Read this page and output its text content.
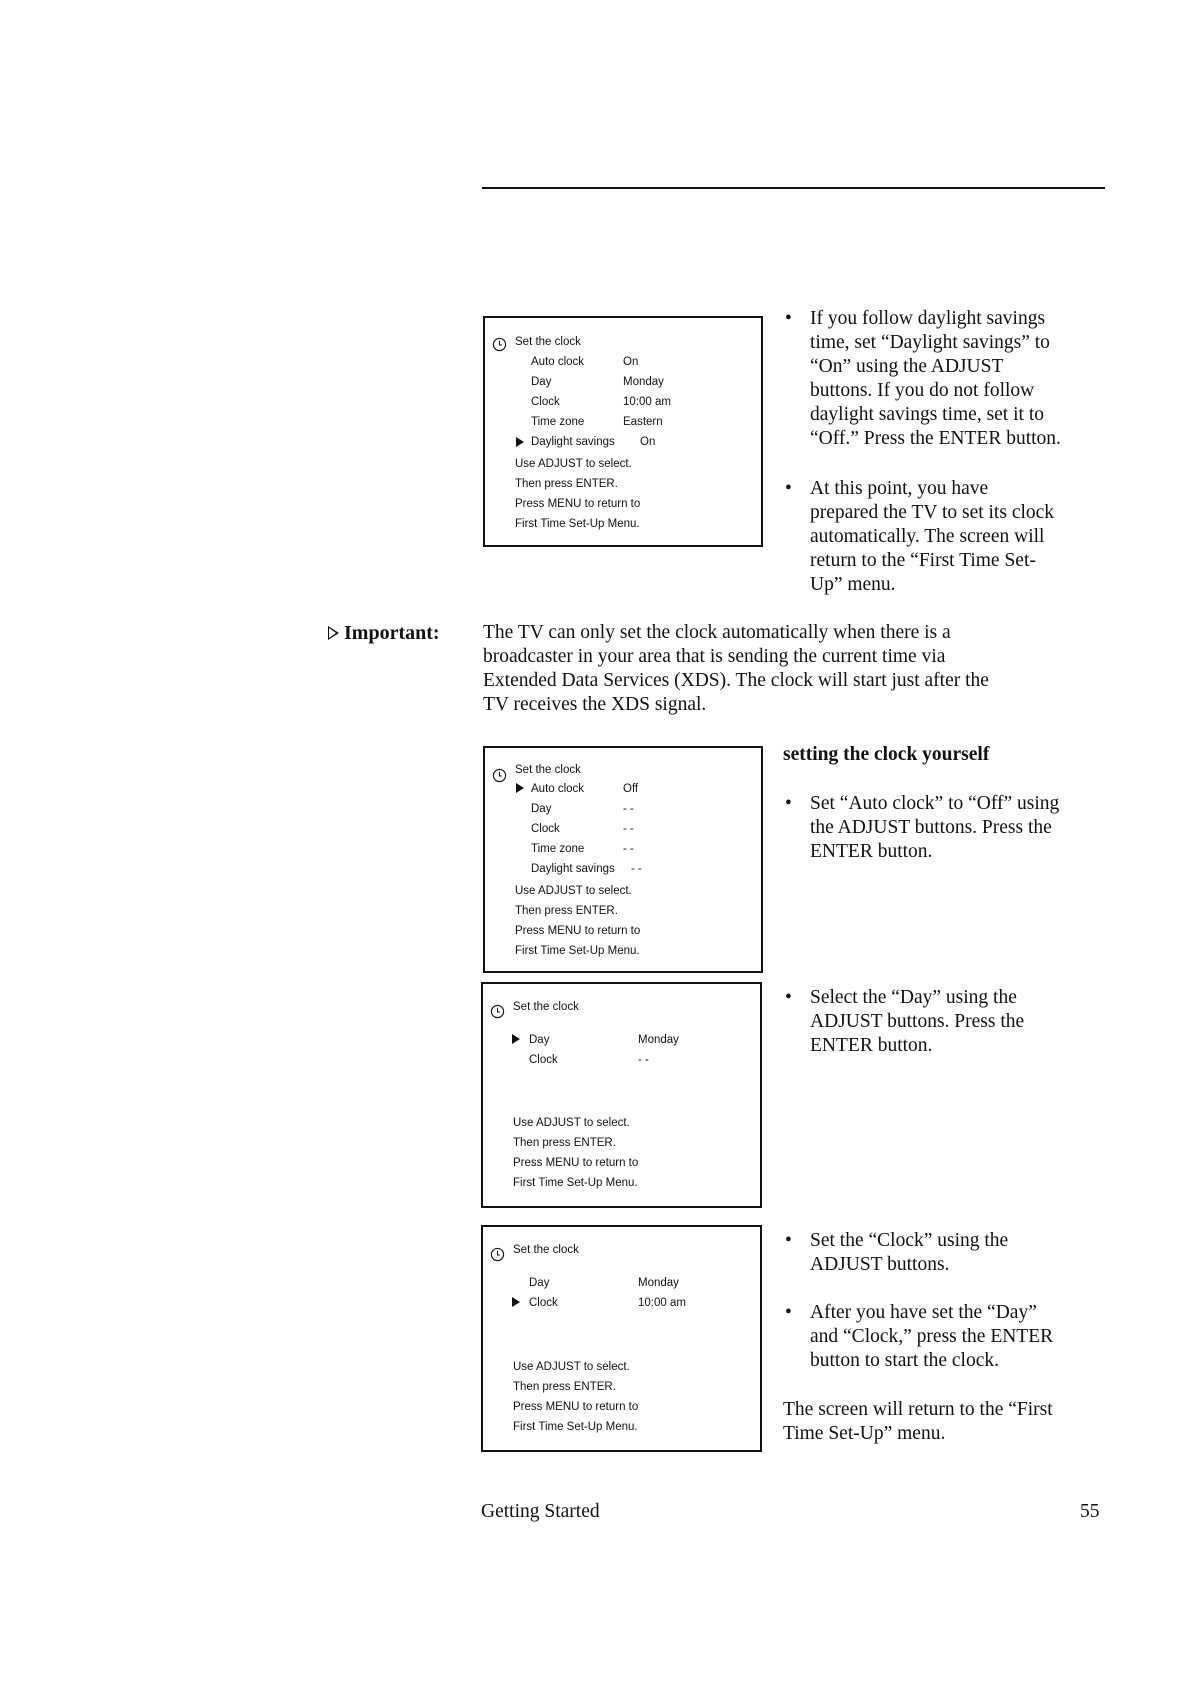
Set the clock
Auto clock	On
Day	Monday
Clock	10:00 am
Time zone	Eastern
Daylight savings On
Use ADJUST to select.
Then press ENTER.
Press MENU to return to
First Time Set-Up Menu.
• If you follow daylight savings
time, set “Daylight savings” to
“On” using the ADJUST
buttons. If you do not follow
daylight savings time, set it to
“Off.” Press the ENTER button.
• At this point, you have
prepared the TV to set its clock
automatically. The screen will
return to the “First Time Set-
Up” menu.
Important: The TV can only set the clock automatically when there is a
broadcaster in your area that is sending the current time via
Extended Data Services (XDS). The clock will start just after the
TV receives the XDS signal.
Set the clock
Auto clock	Off
Day	- -
Clock	- -
Time zone	- -
Daylight savings - -
Use ADJUST to select.
Then press ENTER.
Press MENU to return to
First Time Set-Up Menu.
setting the clock yourself
• Set “Auto clock” to “Off” using
the ADJUST buttons. Press the
ENTER button.
Set the clock
Day	Monday
Clock	- -
Use ADJUST to select.
Then press ENTER.
Press MENU to return to
First Time Set-Up Menu.
• Select the “Day” using the
ADJUST buttons. Press the
ENTER button.
Set the clock
Day	Monday
Clock	10:00 am
Use ADJUST to select.
Then press ENTER.
Press MENU to return to
First Time Set-Up Menu.
• Set the “Clock” using the
ADJUST buttons.
• After you have set the “Day”
and “Clock,” press the ENTER
button to start the clock.
The screen will return to the “First
Time Set-Up” menu.
Getting Started	55
